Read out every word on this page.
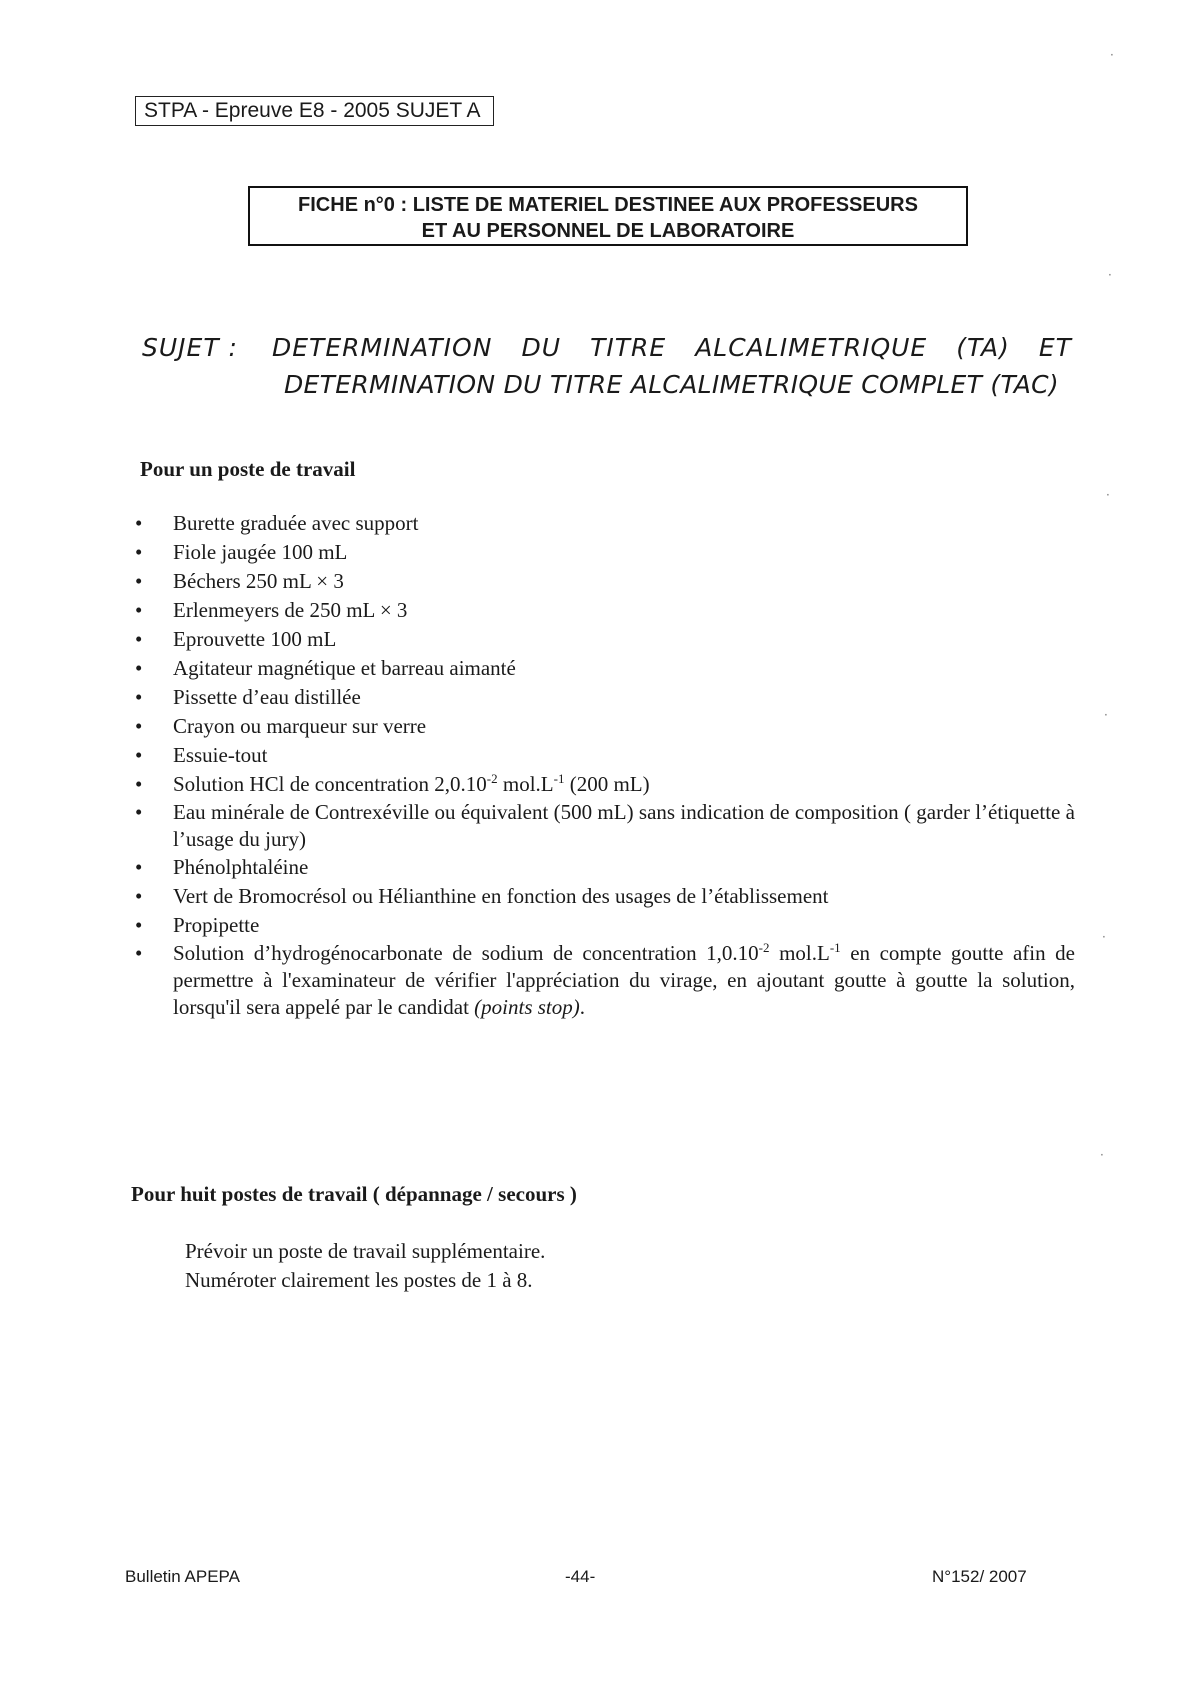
STPA - Epreuve E8 - 2005 SUJET A
FICHE n°0 : LISTE DE MATERIEL DESTINEE AUX PROFESSEURS
ET AU PERSONNEL DE LABORATOIRE
SUJET : DETERMINATION DU TITRE ALCALIMETRIQUE (TA) ET
DETERMINATION DU TITRE ALCALIMETRIQUE COMPLET (TAC)
Pour un poste de travail
• Burette graduée avec support
• Fiole jaugée 100 mL
• Béchers 250 mL × 3
• Erlenmeyers de 250 mL × 3
• Eprouvette 100 mL
• Agitateur magnétique et barreau aimanté
• Pissette d’eau distillée
• Crayon ou marqueur sur verre
• Essuie-tout
• Solution HCl de concentration $2,0.10^{-2}$ $mol.L^{-1}$ (200 mL)
• Eau minérale de Contrexéville ou équivalent (500 mL) sans indication de composition ( garder l’étiquette à l’usage du jury)
• Phénolphtaléine
• Vert de Bromocrésol ou Hélianthine en fonction des usages de l’établissement
• Propipette
• Solution d’hydrogénocarbonate de sodium de concentration $1,0.10^{-2}$ $mol.L^{-1}$ en compte goutte afin de permettre à l'examinateur de vérifier l'appréciation du virage, en ajoutant goutte à goutte la solution, lorsqu'il sera appelé par le candidat (points stop).
Pour huit postes de travail ( dépannage / secours )
Prévoir un poste de travail supplémentaire.
Numéroter clairement les postes de 1 à 8.
Bulletin APEPA	-44-	N°152/ 2007
·
·
·
·
·
·
